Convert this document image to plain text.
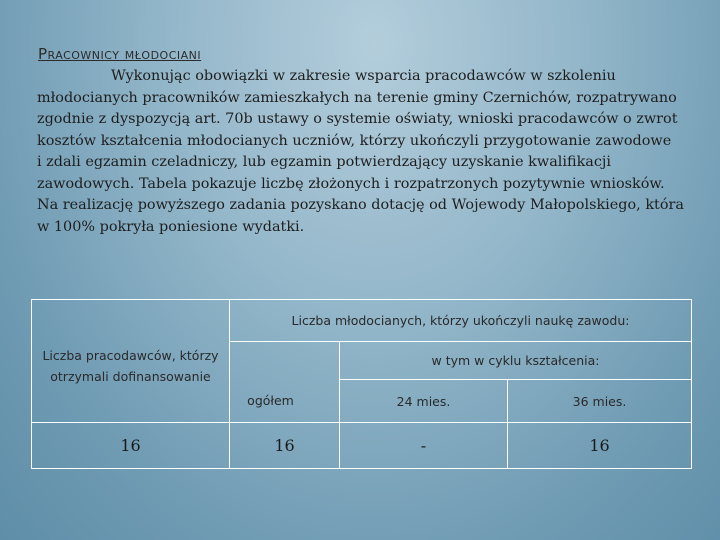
Pracownicy młodociani

Wykonując obowiązki w zakresie wsparcia pracodawców w szkoleniu
młodocianych pracowników zamieszkałych na terenie gminy Czernichów, rozpatrywano
zgodnie z dyspozycją art. 70b ustawy o systemie oświaty, wnioski pracodawców o zwrot
kosztów kształcenia młodocianych uczniów, którzy ukończyli przygotowanie zawodowe
i zdali egzamin czeladniczy, lub egzamin potwierdzający uzyskanie kwalifikacji
zawodowych. Tabela pokazuje liczbę złożonych i rozpatrzonych pozytywnie wniosków.
Na realizację powyższego zadania pozyskano dotację od Wojewody Małopolskiego, która
w 100% pokryła poniesione wydatki.

	Liczba młodocianych, którzy ukończyli naukę zawodu:		
Liczba pracodawców, którzy otrzymali dofinansowanie	ogółem	w tym w cyklu kształcenia:	
		24 mies.	36 mies.
16	16	-	16
